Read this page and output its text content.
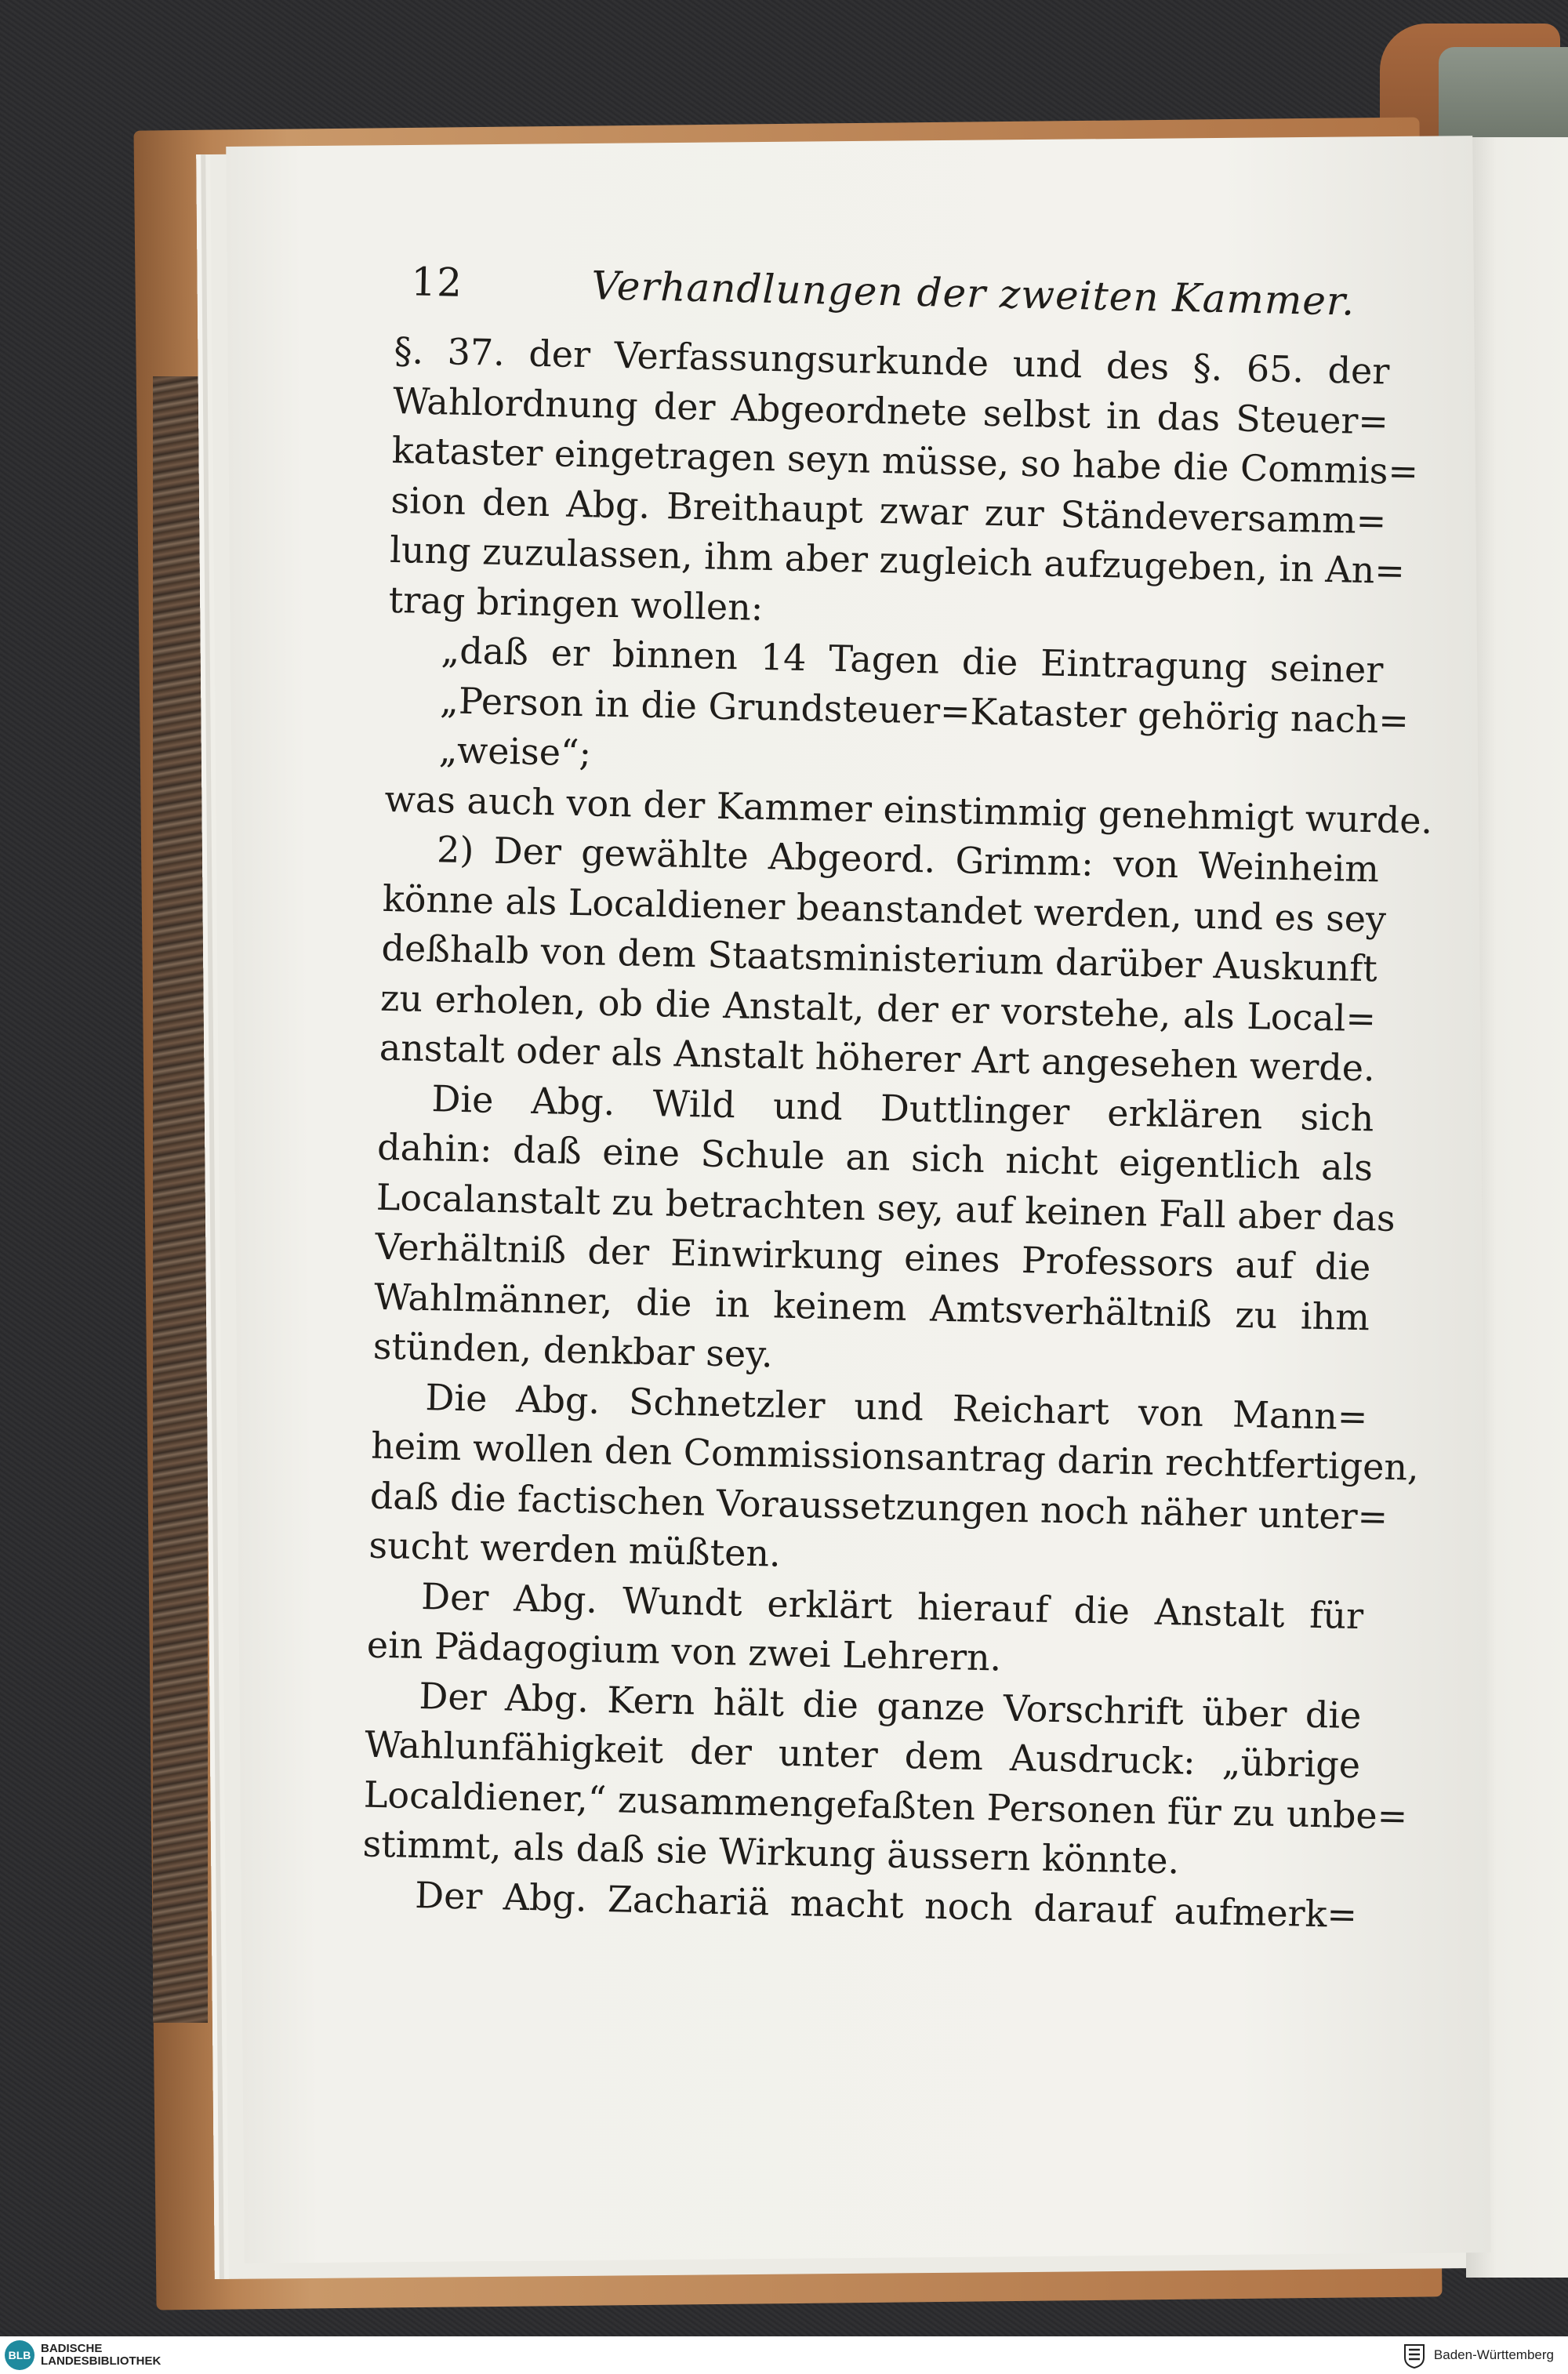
12	Verhandlungen der zweiten Kammer.
§. 37. der Verfassungsurkunde und des §. 65. der
Wahlordnung der Abgeordnete selbst in das Steuer=
kataster eingetragen seyn müsse, so habe die Commis=
sion den Abg. Breithaupt zwar zur Ständeversamm=
lung zuzulassen, ihm aber zugleich aufzugeben, in An=
trag bringen wollen:
„daß er binnen 14 Tagen die Eintragung seiner
„Person in die Grundsteuer=Kataster gehörig nach=
„weise“;
was auch von der Kammer einstimmig genehmigt wurde.
2) Der gewählte Abgeord. Grimm: von Weinheim
könne als Localdiener beanstandet werden, und es sey
deßhalb von dem Staatsministerium darüber Auskunft
zu erholen, ob die Anstalt, der er vorstehe, als Local=
anstalt oder als Anstalt höherer Art angesehen werde.
Die Abg. Wild und Duttlinger erklären sich
dahin: daß eine Schule an sich nicht eigentlich als
Localanstalt zu betrachten sey, auf keinen Fall aber das
Verhältniß der Einwirkung eines Professors auf die
Wahlmänner, die in keinem Amtsverhältniß zu ihm
stünden, denkbar sey.
Die Abg. Schnetzler und Reichart von Mann=
heim wollen den Commissionsantrag darin rechtfertigen,
daß die factischen Voraussetzungen noch näher unter=
sucht werden müßten.
Der Abg. Wundt erklärt hierauf die Anstalt für
ein Pädagogium von zwei Lehrern.
Der Abg. Kern hält die ganze Vorschrift über die
Wahlunfähigkeit der unter dem Ausdruck: „übrige
Localdiener,“ zusammengefaßten Personen für zu unbe=
stimmt, als daß sie Wirkung äussern könnte.
Der Abg. Zachariä macht noch darauf aufmerk=
BLB BADISCHE
LANDESBIBLIOTHEK	Baden-Württemberg
